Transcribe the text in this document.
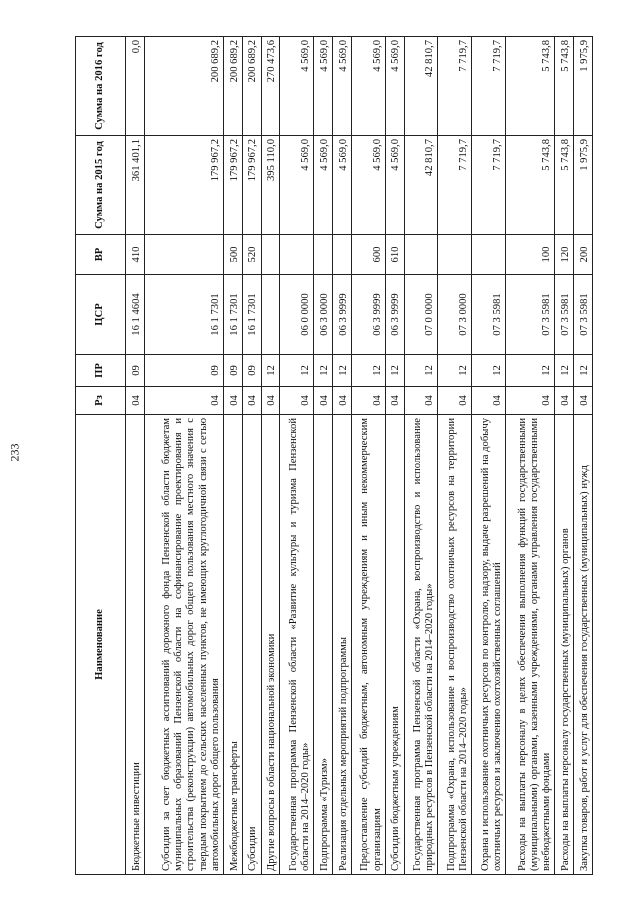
233
Наименование	Рз	ПР	ЦСР	ВР	Сумма на 2015 год	Сумма на 2016 год
Бюджетные инвестиции	04	09	16 1 4604	410	361 401,1	0,0
Субсидии за счет бюджетных ассигнований дорожного фонда Пензенской области бюджетам муниципальных образований Пензенской области на софинансирование проектирования и строительства (реконструкции) автомобильных дорог общего пользования местного значения с твердым покрытием до сельских населенных пунктов, не имеющих круглогодичной связи с сетью автомобильных дорог общего пользования	04	09	16 1 7301		179 967,2	200 689,2
Межбюджетные трансферты	04	09	16 1 7301	500	179 967,2	200 689,2
Субсидии	04	09	16 1 7301	520	179 967,2	200 689,2
Другие вопросы в области национальной экономики	04	12			395 110,0	270 473,6
Государственная программа Пензенской области «Развитие культуры и туризма Пензенской области на 2014–2020 годы»	04	12	06 0 0000		4 569,0	4 569,0
Подпрограмма «Туризм»	04	12	06 3 0000		4 569,0	4 569,0
Реализация отдельных мероприятий подпрограммы	04	12	06 3 9999		4 569,0	4 569,0
Предоставление субсидий бюджетным, автономным учреждениям и иным некоммерческим организациям	04	12	06 3 9999	600	4 569,0	4 569,0
Субсидии бюджетным учреждениям	04	12	06 3 9999	610	4 569,0	4 569,0
Государственная программа Пензенской области «Охрана, воспроизводство и использование природных ресурсов в Пензенской области на 2014–2020 годы»	04	12	07 0 0000		42 810,7	42 810,7
Подпрограмма «Охрана, использование и воспроизводство охотничьих ресурсов на территории Пензенской области на 2014–2020 годы»	04	12	07 3 0000		7 719,7	7 719,7
Охрана и использование охотничьих ресурсов по контролю, надзору, выдаче разрешений на добычу охотничьих ресурсов и заключению охотхозяйственных соглашений	04	12	07 3 5981		7 719,7	7 719,7
Расходы на выплаты персоналу в целях обеспечения выполнения функций государственными (муниципальными) органами, казенными учреждениями, органами управления государственными внебюджетными фондами	04	12	07 3 5981	100	5 743,8	5 743,8
Расходы на выплаты персоналу государственных (муниципальных) органов	04	12	07 3 5981	120	5 743,8	5 743,8
Закупка товаров, работ и услуг для обеспечения государственных (муниципальных) нужд	04	12	07 3 5981	200	1 975,9	1 975,9
